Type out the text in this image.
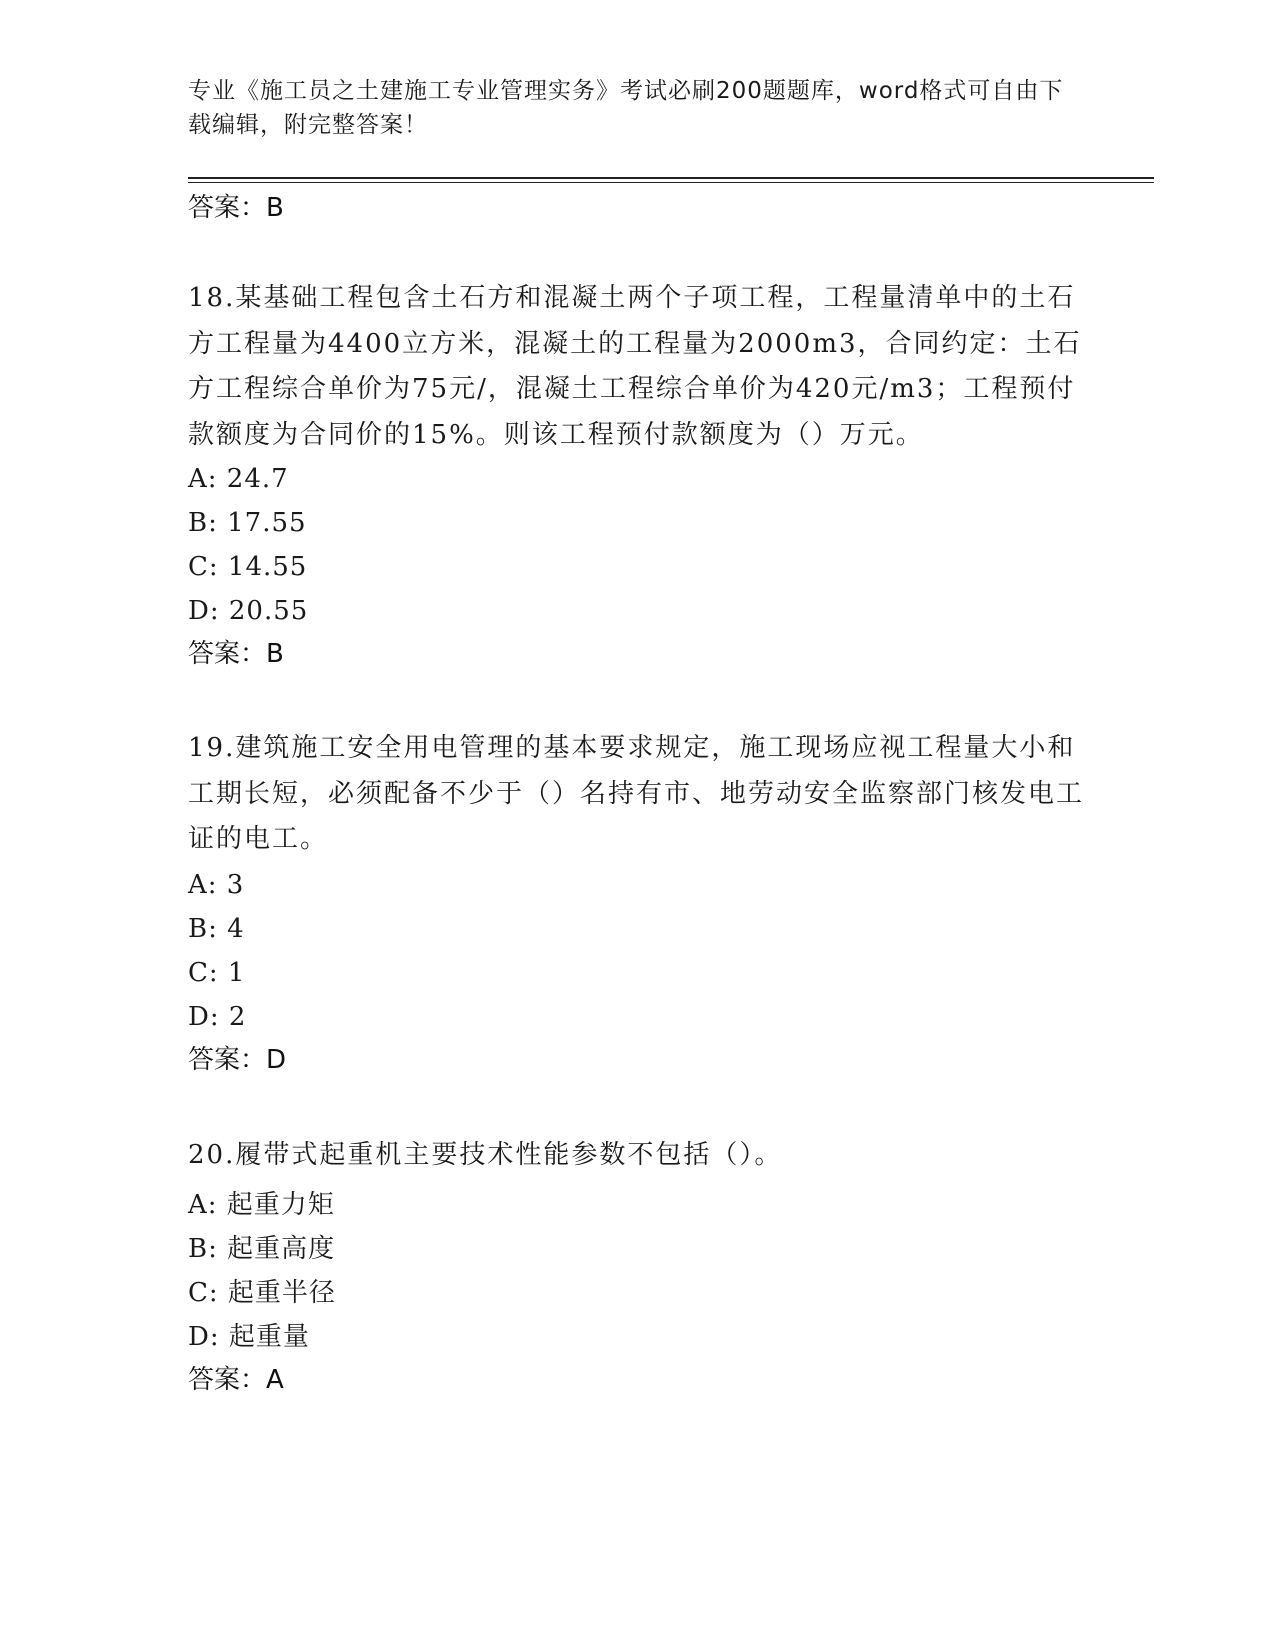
专业《施工员之土建施工专业管理实务》考试必刷200题题库，word格式可自由下载编辑，附完整答案！
答案：B
18.某基础工程包含土石方和混凝土两个子项工程，工程量清单中的土石方工程量为4400立方米，混凝土的工程量为2000m3，合同约定：土石方工程综合单价为75元/，混凝土工程综合单价为420元/m3；工程预付款额度为合同价的15%。则该工程预付款额度为（）万元。
A: 24.7
B: 17.55
C: 14.55
D: 20.55
答案：B
19.建筑施工安全用电管理的基本要求规定，施工现场应视工程量大小和工期长短，必须配备不少于（）名持有市、地劳动安全监察部门核发电工证的电工。
A: 3
B: 4
C: 1
D: 2
答案：D
20.履带式起重机主要技术性能参数不包括（）。
A: 起重力矩
B: 起重高度
C: 起重半径
D: 起重量
答案：A
